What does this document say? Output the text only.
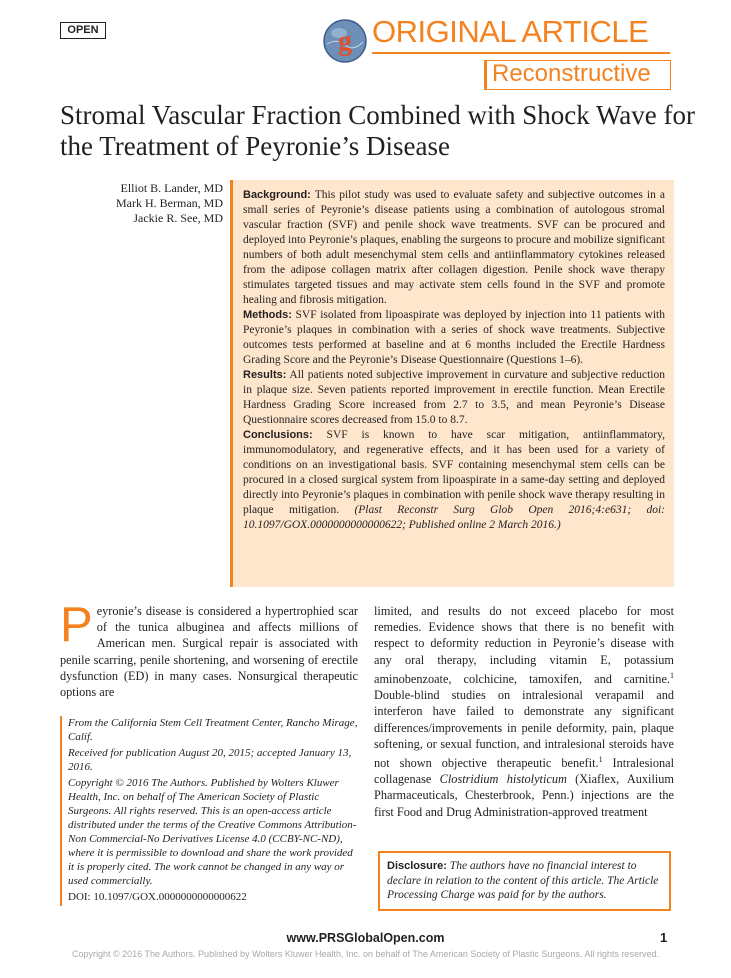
OPEN	g ORIGINAL ARTICLE
Reconstructive
Stromal Vascular Fraction Combined with Shock Wave for the Treatment of Peyronie’s Disease
Elliot B. Lander, MD
Mark H. Berman, MD
Jackie R. See, MD

Background: This pilot study was used to evaluate safety and subjective outcomes in a small series of Peyronie’s disease patients using a combination of autologous stromal vascular fraction (SVF) and penile shock wave treatments. SVF can be procured and deployed into Peyronie’s plaques, enabling the surgeons to procure and mobilize significant numbers of both adult mesenchymal stem cells and antiinflammatory cytokines released from the adipose collagen matrix after collagen digestion. Penile shock wave therapy stimulates targeted tissues and may activate stem cells found in the SVF and promote healing and fibrosis mitigation.

Methods: SVF isolated from lipoaspirate was deployed by injection into 11 patients with Peyronie’s plaques in combination with a series of shock wave treatments. Subjective outcomes tests performed at baseline and at 6 months included the Erectile Hardness Grading Score and the Peyronie’s Disease Questionnaire (Questions 1–6).

Results: All patients noted subjective improvement in curvature and subjective reduction in plaque size. Seven patients reported improvement in erectile function. Mean Erectile Hardness Grading Score increased from 2.7 to 3.5, and mean Peyronie’s Disease Questionnaire scores decreased from 15.0 to 8.7.

Conclusions: SVF is known to have scar mitigation, antiinflammatory, immunomodulatory, and regenerative effects, and it has been used for a variety of conditions on an investigational basis. SVF containing mesenchymal stem cells can be procured in a closed surgical system from lipoaspirate in a same-day setting and deployed directly into Peyronie’s plaques in combination with penile shock wave therapy resulting in plaque mitigation. (Plast Reconstr Surg Glob Open 2016;4:e631; doi: 10.1097/GOX.0000000000000622; Published online 2 March 2016.)

Peyronie’s disease is considered a hypertrophied scar of the tunica albuginea and affects millions of American men. Surgical repair is associated with penile scarring, penile shortening, and worsening of erectile dysfunction (ED) in many cases. Nonsurgical therapeutic options are

limited, and results do not exceed placebo for most remedies. Evidence shows that there is no benefit with respect to deformity reduction in Peyronie’s disease with any oral therapy, including vitamin E, potassium aminobenzoate, colchicine, tamoxifen, and carnitine.$^1$ Double-blind studies on intralesional verapamil and interferon have failed to demonstrate any significant differences/improvements in penile deformity, pain, plaque softening, or sexual function, and intralesional steroids have not shown objective therapeutic benefit.$^1$ Intralesional collagenase Clostridium histolyticum (Xiaflex, Auxilium Pharmaceuticals, Chesterbrook, Penn.) injections are the first Food and Drug Administration-approved treatment

From the California Stem Cell Treatment Center, Rancho Mirage, Calif.

Received for publication August 20, 2015; accepted January 13, 2016.

Copyright © 2016 The Authors. Published by Wolters Kluwer Health, Inc. on behalf of The American Society of Plastic Surgeons. All rights reserved. This is an open-access article distributed under the terms of the Creative Commons Attribution-Non Commercial-No Derivatives License 4.0 (CCBY-NC-ND), where it is permissible to download and share the work provided it is properly cited. The work cannot be changed in any way or used commercially.

DOI: 10.1097/GOX.0000000000000622

Disclosure: The authors have no financial interest to declare in relation to the content of this article. The Article Processing Charge was paid for by the authors.
www.PRSGlobalOpen.com	1
Copyright © 2016 The Authors. Published by Wolters Kluwer Health, Inc. on behalf of The American Society of Plastic Surgeons. All rights reserved.
